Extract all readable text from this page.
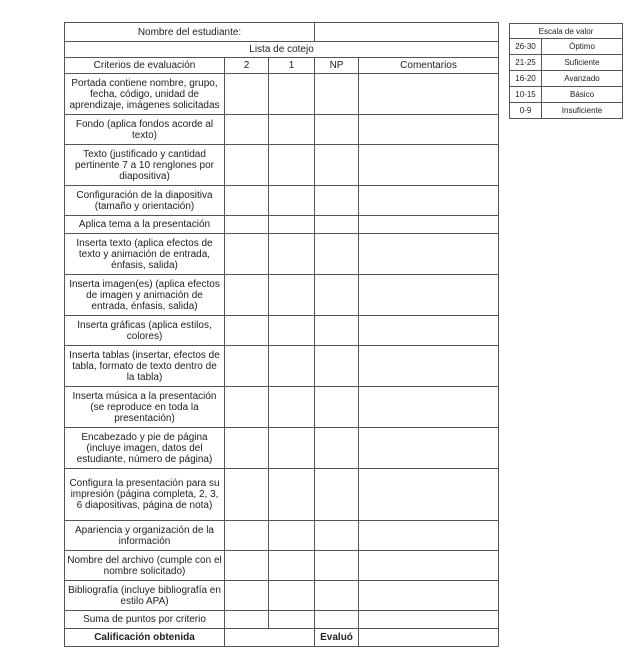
Nombre del estudiante:				
Lista de cotejo				
Criterios de evaluación	2	1	NP	Comentarios
Portada contiene nombre, grupo, fecha, código, unidad de aprendizaje, imágenes solicitadas				
Fondo (aplica fondos acorde al texto)				
Texto (justificado y cantidad pertinente 7 a 10 renglones por diapositiva)				
Configuración de la diapositiva (tamaño y orientación)				
Aplica tema a la presentación				
Inserta texto (aplica efectos de texto y animación de entrada, énfasis, salida)				
Inserta imagen(es) (aplica efectos de imagen y animación de entrada, énfasis, salida)				
Inserta gráficas (aplica estilos, colores)				
Inserta tablas (insertar, efectos de tabla, formato de texto dentro de la tabla)				
Inserta música a la presentación (se reproduce en toda la presentación)				
Encabezado y pie de página (incluye imagen, datos del estudiante, número de página)				
Configura la presentación para su impresión (página completa, 2, 3, 6 diapositivas, página de nota)				
Apariencia y organización de la información				
Nombre del archivo (cumple con el nombre solicitado)				
Bibliografía (incluye bibliografía en estilo APA)				
Suma de puntos por criterio				
Calificación obtenida			Evaluó	
Escala de valor	
26-30	Óptimo
21-25	Suficiente
16-20	Avanzado
10-15	Básico
0-9	Insuficiente
